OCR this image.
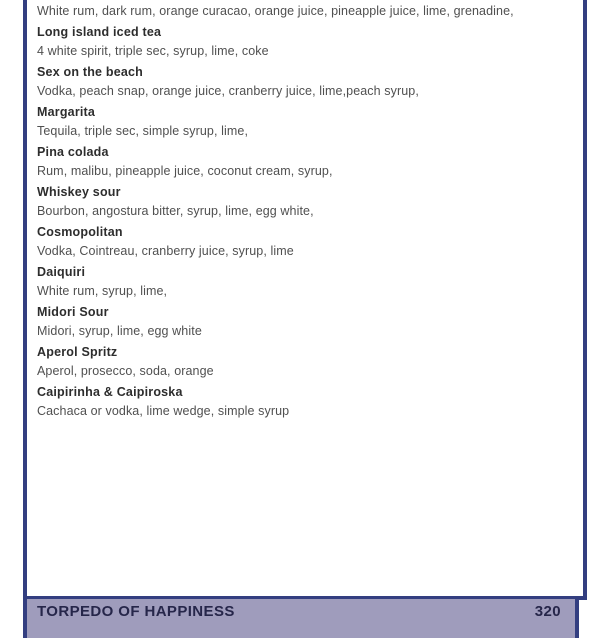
White rum, dark rum, orange curacao, orange juice, pineapple juice, lime, grenadine,
Long island iced tea
4 white spirit, triple sec, syrup, lime, coke
Sex on the beach
Vodka, peach snap, orange juice, cranberry juice, lime,peach syrup,
Margarita
Tequila, triple sec, simple syrup, lime,
Pina colada
Rum, malibu, pineapple juice, coconut cream, syrup,
Whiskey sour
Bourbon, angostura bitter, syrup, lime, egg white,
Cosmopolitan
Vodka, Cointreau, cranberry juice, syrup, lime
Daiquiri
White rum, syrup, lime,
Midori Sour
Midori, syrup, lime, egg white
Aperol Spritz
Aperol, prosecco, soda, orange
Caipirinha & Caipiroska
Cachaca or vodka, lime wedge, simple syrup
TORPEDO OF HAPPINESS	320
